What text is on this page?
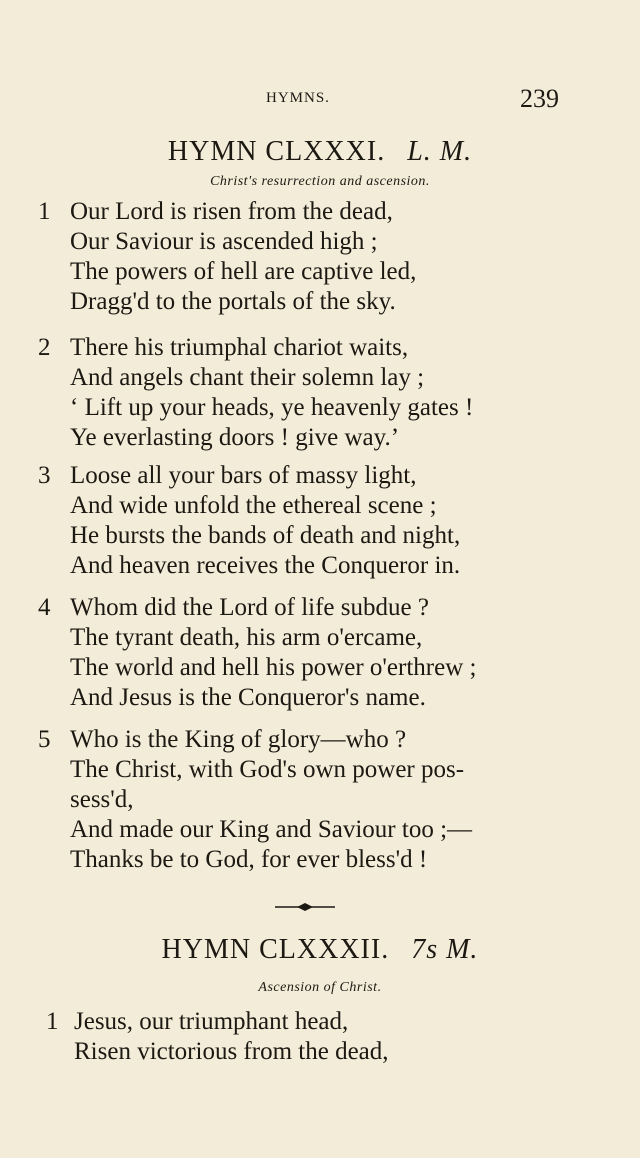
HYMNS.	239
HYMN CLXXXI. L. M.
Christ's resurrection and ascension.
1 Our Lord is risen from the dead,
Our Saviour is ascended high ;
The powers of hell are captive led,
Dragg'd to the portals of the sky.
2 There his triumphal chariot waits,
And angels chant their solemn lay ;
‘ Lift up your heads, ye heavenly gates !
Ye everlasting doors ! give way.’
3 Loose all your bars of massy light,
And wide unfold the ethereal scene ;
He bursts the bands of death and night,
And heaven receives the Conqueror in.
4 Whom did the Lord of life subdue ?
The tyrant death, his arm o'ercame,
The world and hell his power o'erthrew ;
And Jesus is the Conqueror's name.
5 Who is the King of glory—who ?
The Christ, with God's own power pos-
sess'd,
And made our King and Saviour too ;—
Thanks be to God, for ever bless'd !
HYMN CLXXXII. 7s M.
Ascension of Christ.
1 Jesus, our triumphant head,
Risen victorious from the dead,
